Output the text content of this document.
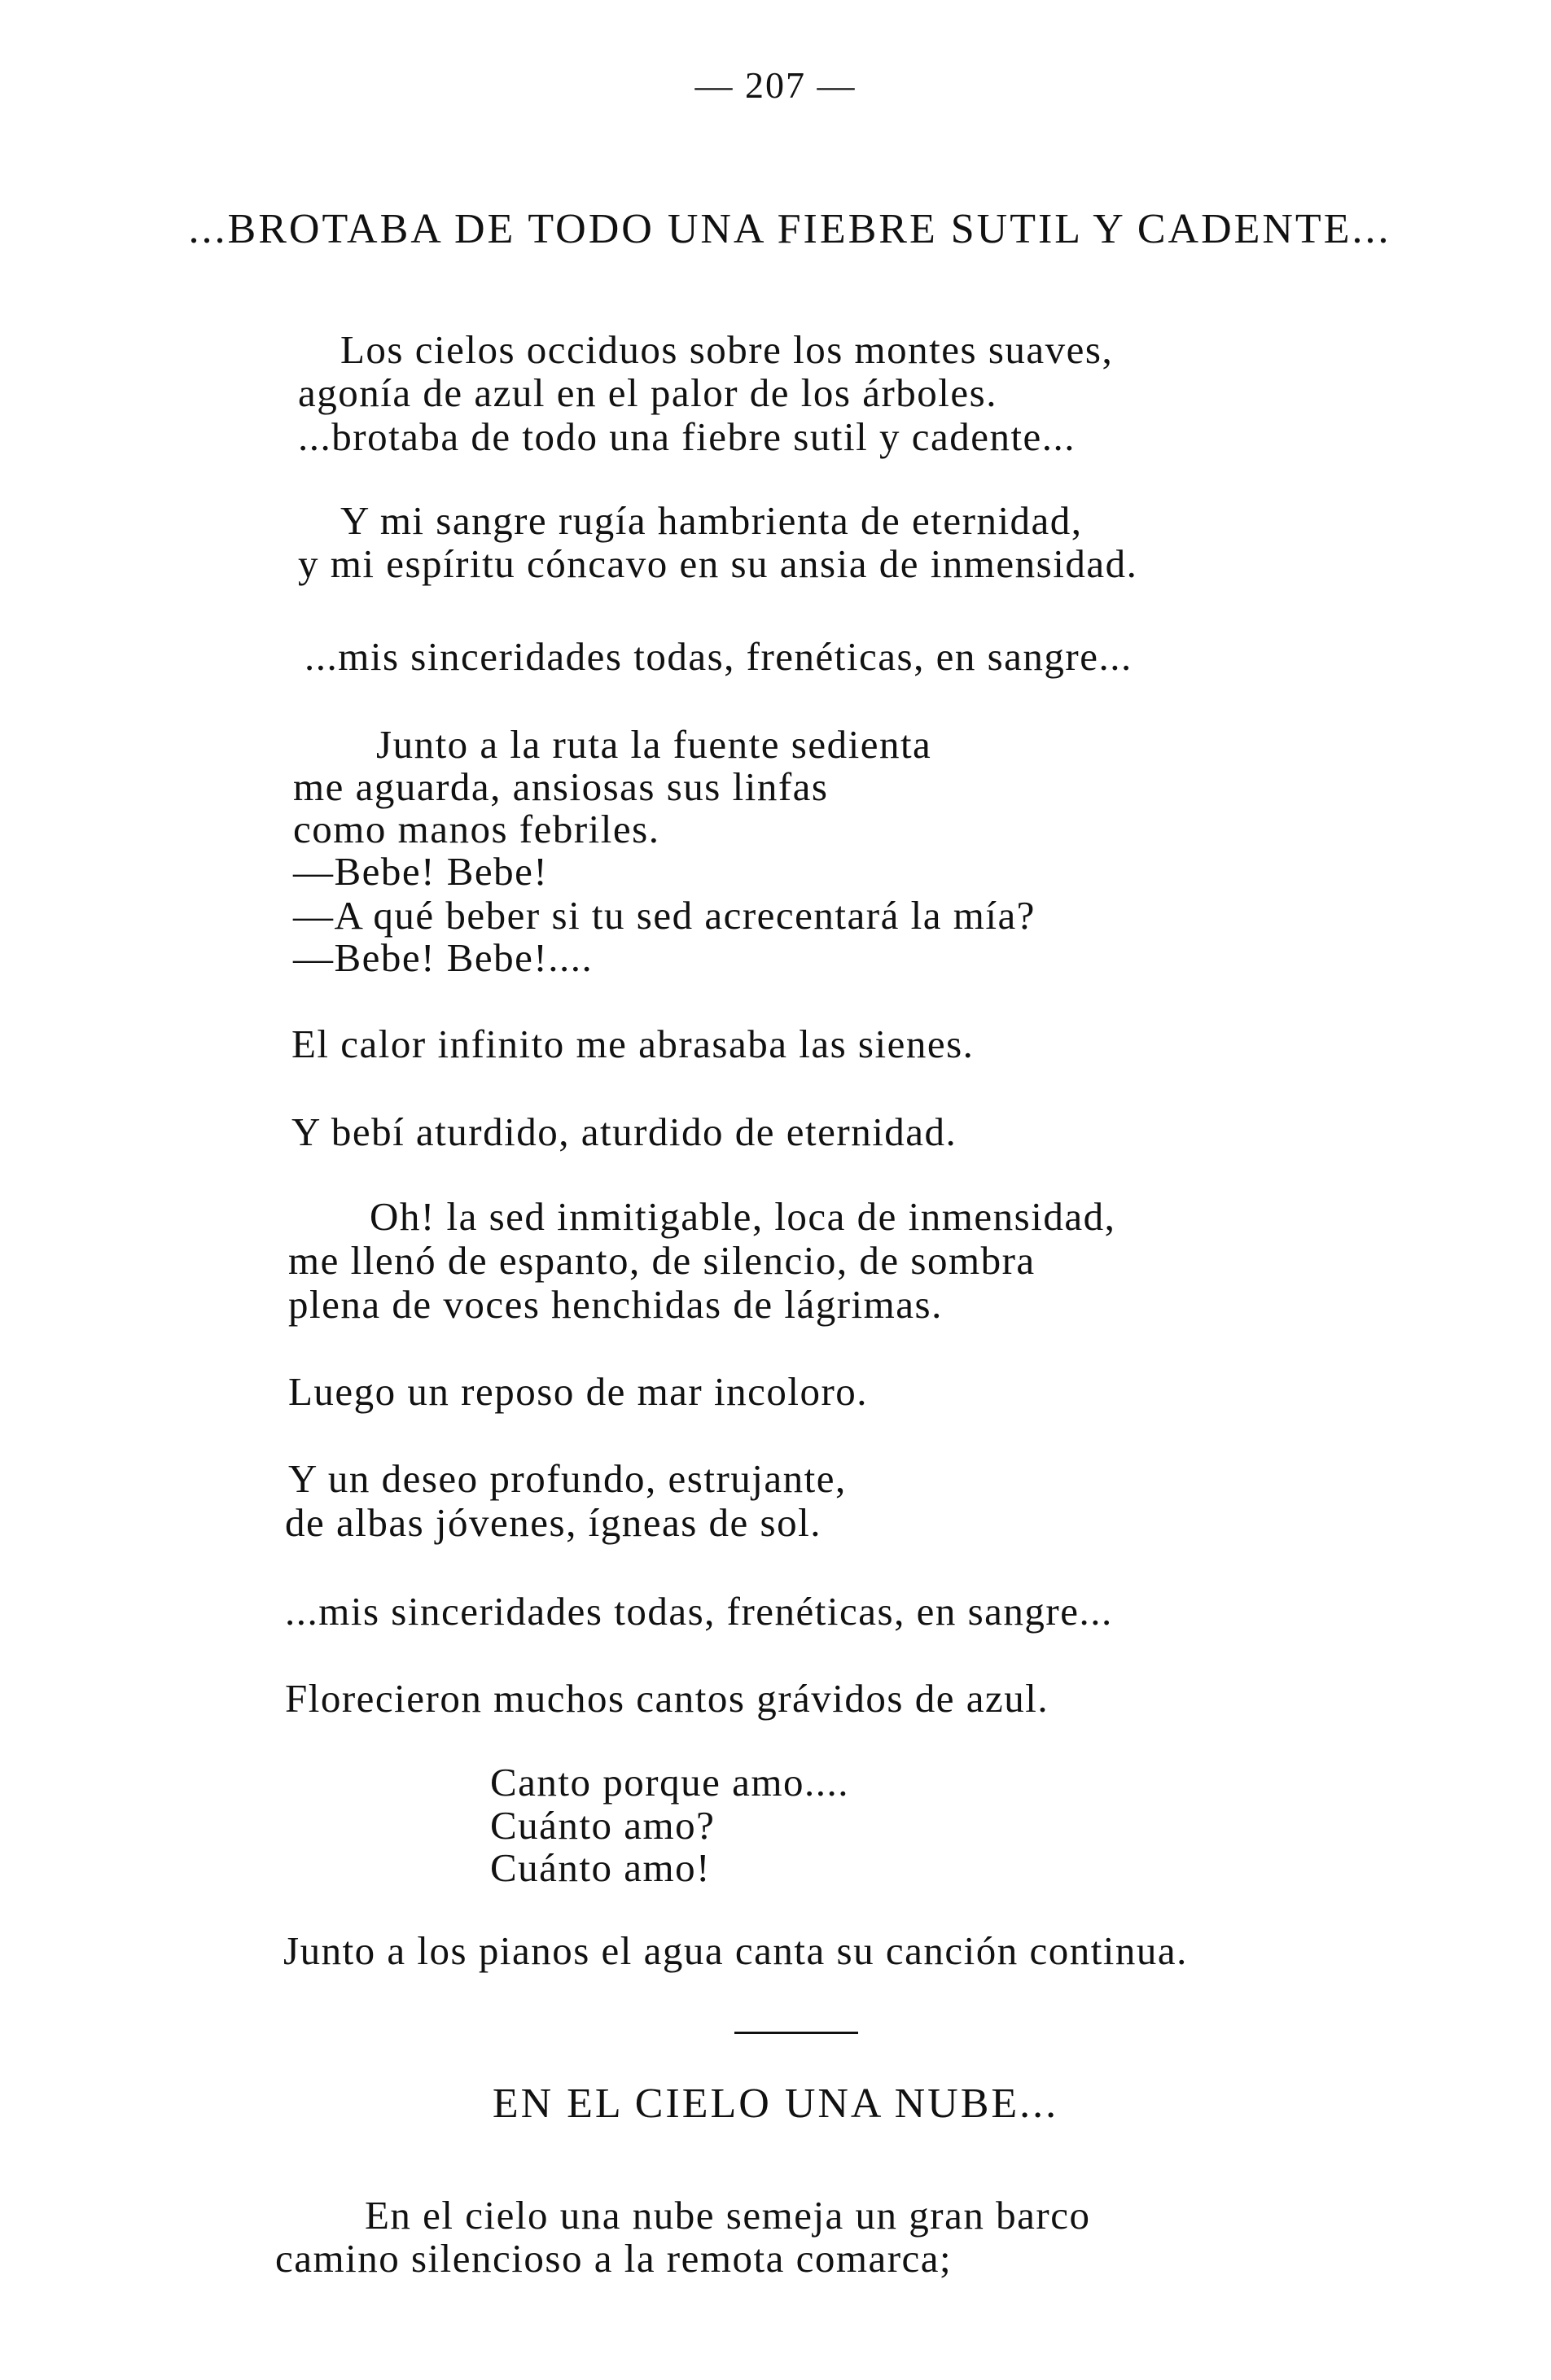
— 207 —
...BROTABA DE TODO UNA FIEBRE SUTIL Y CADENTE...
Los cielos occiduos sobre los montes suaves,
agonía de azul en el palor de los árboles.
...brotaba de todo una fiebre sutil y cadente...
Y mi sangre rugía hambrienta de eternidad,
y mi espíritu cóncavo en su ansia de inmensidad.
...mis sinceridades todas, frenéticas, en sangre...
Junto a la ruta la fuente sedienta
me aguarda, ansiosas sus linfas
como manos febriles.
—Bebe! Bebe!
—A qué beber si tu sed acrecentará la mía?
—Bebe! Bebe!....
El calor infinito me abrasaba las sienes.
Y bebí aturdido, aturdido de eternidad.
Oh! la sed inmitigable, loca de inmensidad,
me llenó de espanto, de silencio, de sombra
plena de voces henchidas de lágrimas.
Luego un reposo de mar incoloro.
Y un deseo profundo, estrujante,
de albas jóvenes, ígneas de sol.
...mis sinceridades todas, frenéticas, en sangre...
Florecieron muchos cantos grávidos de azul.
Canto porque amo....
Cuánto amo?
Cuánto amo!
Junto a los pianos el agua canta su canción continua.
EN EL CIELO UNA NUBE...
En el cielo una nube semeja un gran barco
camino silencioso a la remota comarca;
